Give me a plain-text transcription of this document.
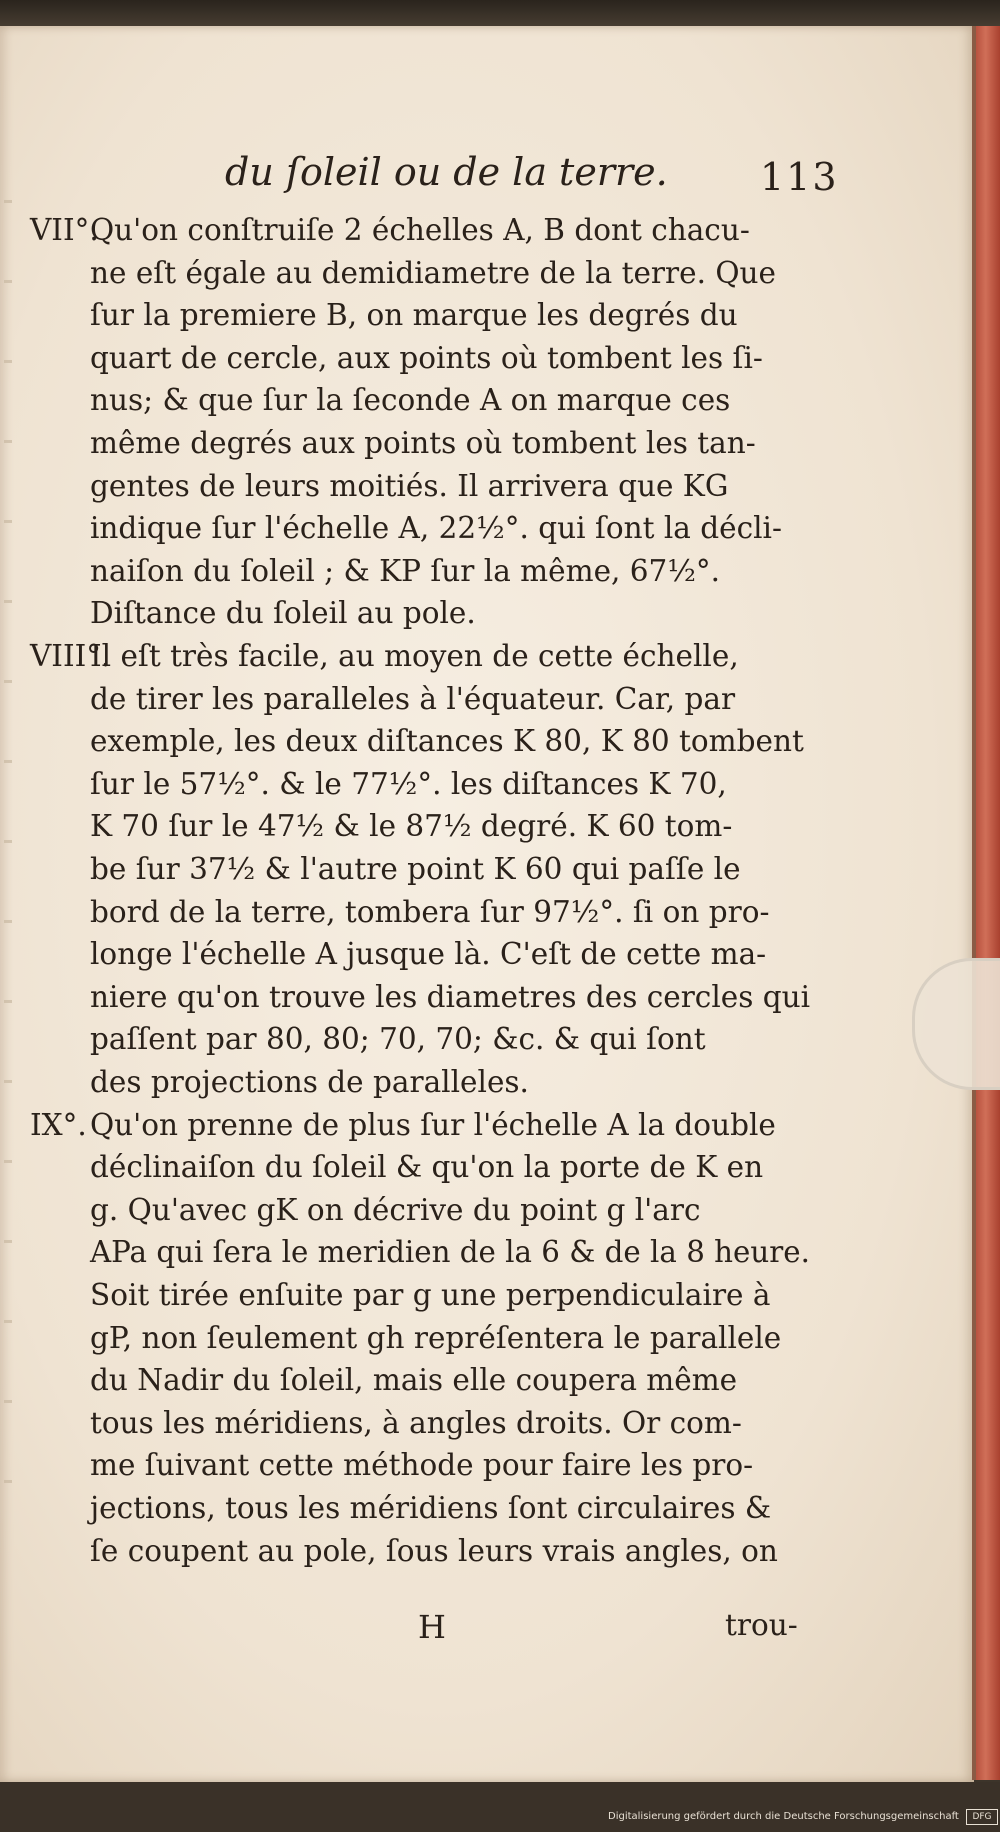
du ſoleil ou de la terre. 113
VII°.
Qu'on conſtruiſe 2 échelles A, B dont chacu-
ne eſt égale au demidiametre de la terre. Que
ſur la premiere B, on marque les degrés du
quart de cercle, aux points où tombent les ſi-
nus; & que ſur la ſeconde A on marque ces
même degrés aux points où tombent les tan-
gentes de leurs moitiés. Il arrivera que KG
indique ſur l'échelle A, 22½°. qui ſont la décli-
naiſon du ſoleil ; & KP ſur la même, 67½°.
Diſtance du ſoleil au pole.
VIII°.
Il eſt très facile, au moyen de cette échelle,
de tirer les paralleles à l'équateur. Car, par
exemple, les deux diſtances K 80, K 80 tombent
ſur le 57½°. & le 77½°. les diſtances K 70,
K 70 ſur le 47½ & le 87½ degré. K 60 tom-
be ſur 37½ & l'autre point K 60 qui paſſe le
bord de la terre, tombera ſur 97½°. ſi on pro-
longe l'échelle A jusque là. C'eſt de cette ma-
niere qu'on trouve les diametres des cercles qui
paſſent par 80, 80; 70, 70; &c. & qui ſont
des projections de paralleles.
IX°. Qu'on prenne de plus ſur l'échelle A la double
déclinaiſon du ſoleil & qu'on la porte de K en
g. Qu'avec gK on décrive du point g l'arc
APa qui ſera le meridien de la 6 & de la 8 heure.
Soit tirée enſuite par g une perpendiculaire à
gP, non ſeulement gh repréſentera le parallele
du Nadir du ſoleil, mais elle coupera même
tous les méridiens, à angles droits. Or com-
me ſuivant cette méthode pour faire les pro-
jections, tous les méridiens ſont circulaires &
ſe coupent au pole, ſous leurs vrais angles, on
H	trou-
Digitalisierung gefördert durch die Deutsche Forschungsgemeinschaft	DFG
